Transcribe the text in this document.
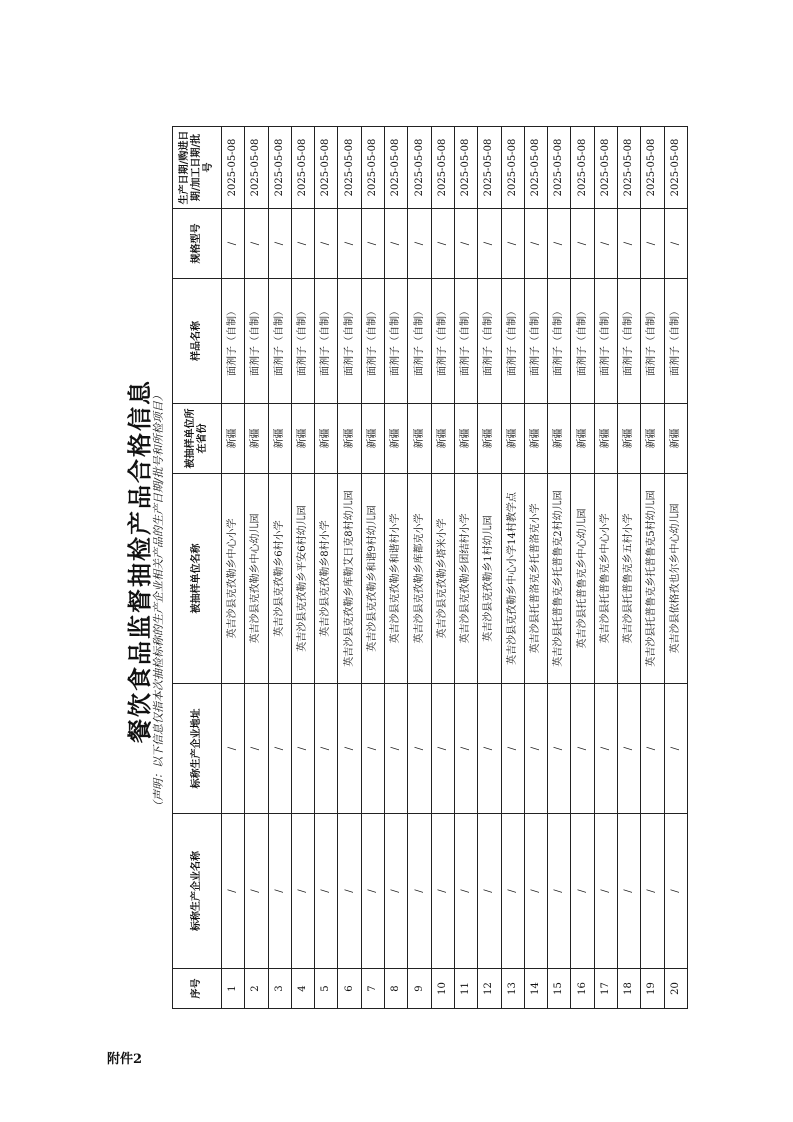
附件2
餐饮食品监督抽检产品合格信息
（声明：以下信息仅指本次抽检标称的生产企业相关产品的生产日期/批号和所检项目）
序号	标称生产企业名称	标称生产企业地址	被抽样单位名称	被抽样单位所在省份	样品名称	规格型号	生产日期/购进日期/加工日期/批号
1	/	/	英吉沙县克孜勒乡中心小学	新疆	面剂子（自制）	/	2025-05-08
2	/	/	英吉沙县克孜勒乡中心幼儿园	新疆	面剂子（自制）	/	2025-05-08
3	/	/	英吉沙县克孜勒乡6村小学	新疆	面剂子（自制）	/	2025-05-08
4	/	/	英吉沙县克孜勒乡平安6村幼儿园	新疆	面剂子（自制）	/	2025-05-08
5	/	/	英吉沙县克孜勒乡8村小学	新疆	面剂子（自制）	/	2025-05-08
6	/	/	英吉沙县克孜勒乡库勒艾日克8村幼儿园	新疆	面剂子（自制）	/	2025-05-08
7	/	/	英吉沙县克孜勒乡和谐9村幼儿园	新疆	面剂子（自制）	/	2025-05-08
8	/	/	英吉沙县克孜勒乡和谐村小学	新疆	面剂子（自制）	/	2025-05-08
9	/	/	英吉沙县克孜勒乡库都克小学	新疆	面剂子（自制）	/	2025-05-08
10	/	/	英吉沙县克孜勒乡塔米小学	新疆	面剂子（自制）	/	2025-05-08
11	/	/	英吉沙县克孜勒乡团结村小学	新疆	面剂子（自制）	/	2025-05-08
12	/	/	英吉沙县克孜勒乡1村幼儿园	新疆	面剂子（自制）	/	2025-05-08
13	/	/	英吉沙县克孜勒乡中心小学14村教学点	新疆	面剂子（自制）	/	2025-05-08
14	/	/	英吉沙县托普洛克乡托普洛克小学	新疆	面剂子（自制）	/	2025-05-08
15	/	/	英吉沙县托普鲁克乡托普鲁克2村幼儿园	新疆	面剂子（自制）	/	2025-05-08
16	/	/	英吉沙县托普鲁克乡中心幼儿园	新疆	面剂子（自制）	/	2025-05-08
17	/	/	英吉沙县托普鲁克乡中心小学	新疆	面剂子（自制）	/	2025-05-08
18	/	/	英吉沙县托普鲁克乡五村小学	新疆	面剂子（自制）	/	2025-05-08
19	/	/	英吉沙县托普鲁克乡托普鲁克5村幼儿园	新疆	面剂子（自制）	/	2025-05-08
20	/	/	英吉沙县依格孜也尔乡中心幼儿园	新疆	面剂子（自制）	/	2025-05-08
